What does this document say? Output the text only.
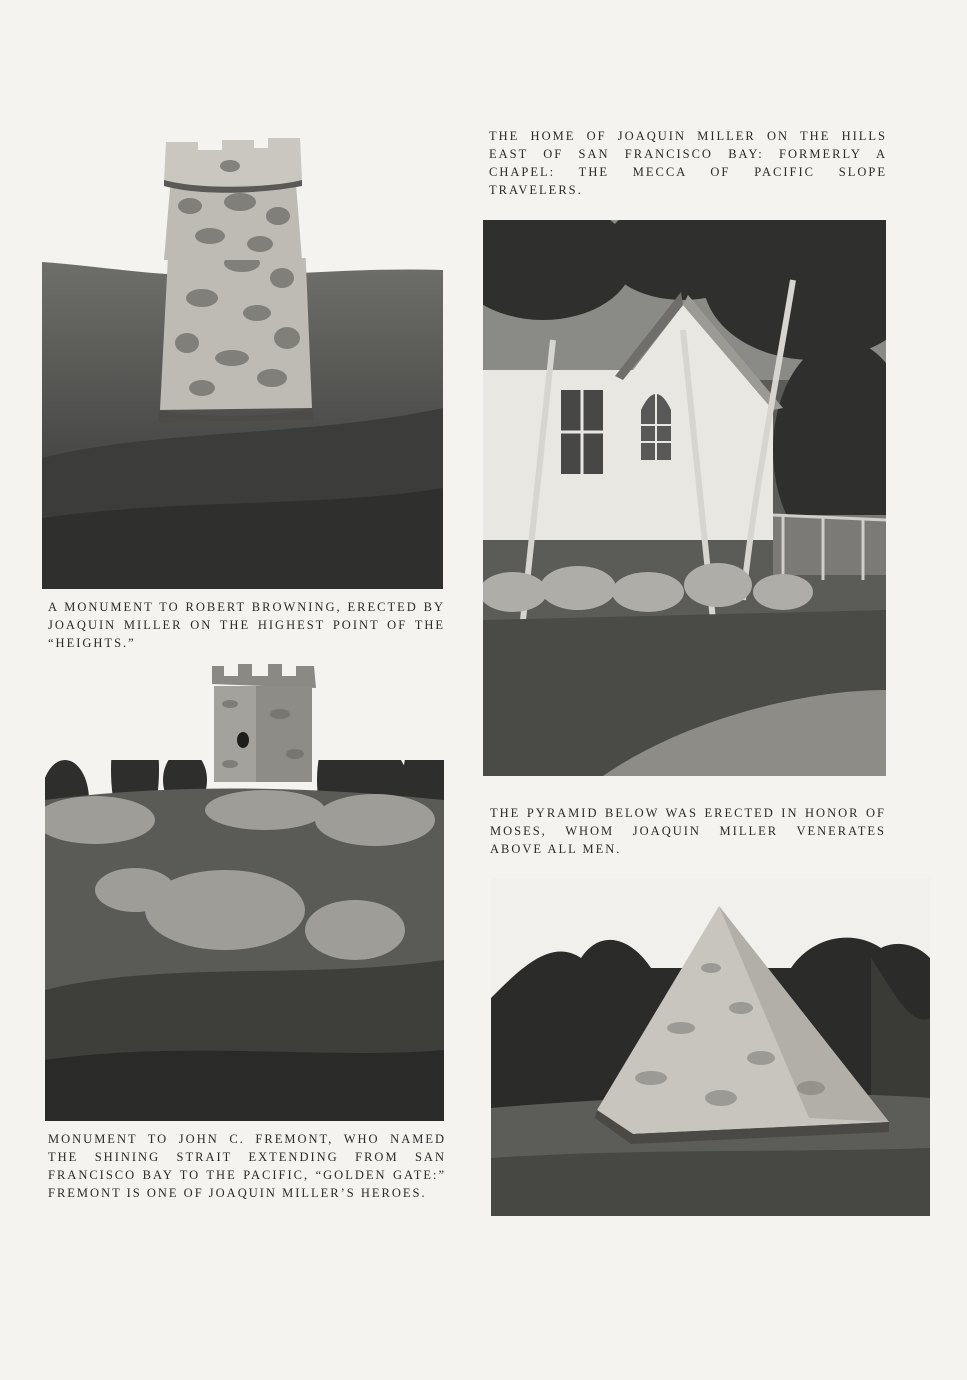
THE HOME OF JOAQUIN MILLER ON THE HILLS EAST OF SAN FRANCISCO BAY: FORMERLY A CHAPEL: THE MECCA OF PACIFIC SLOPE TRAVELERS.
A MONUMENT TO ROBERT BROWNING, ERECTED BY JOAQUIN MILLER ON THE HIGHEST POINT OF THE “HEIGHTS.”
THE PYRAMID BELOW WAS ERECTED IN HONOR OF MOSES, WHOM JOAQUIN MILLER VENERATES ABOVE ALL MEN.
MONUMENT TO JOHN C. FREMONT, WHO NAMED THE SHINING STRAIT EXTENDING FROM SAN FRANCISCO BAY TO THE PACIFIC, “GOLDEN GATE:” FREMONT IS ONE OF JOAQUIN MILLER’S HEROES.
